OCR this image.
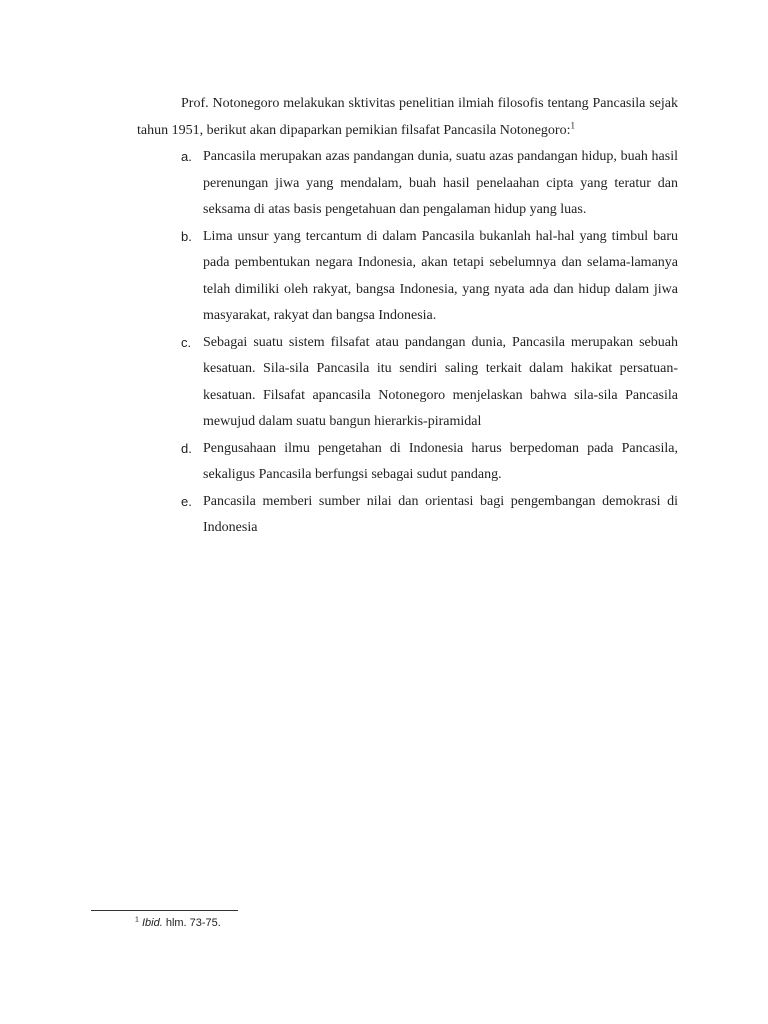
Prof. Notonegoro melakukan sktivitas penelitian ilmiah filosofis tentang Pancasila sejak tahun 1951, berikut akan dipaparkan pemikian filsafat Pancasila Notonegoro:$^1$

a. Pancasila merupakan azas pandangan dunia, suatu azas pandangan hidup, buah hasil perenungan jiwa yang mendalam, buah hasil penelaahan cipta yang teratur dan seksama di atas basis pengetahuan dan pengalaman hidup yang luas.
b. Lima unsur yang tercantum di dalam Pancasila bukanlah hal-hal yang timbul baru pada pembentukan negara Indonesia, akan tetapi sebelumnya dan selama-lamanya telah dimiliki oleh rakyat, bangsa Indonesia, yang nyata ada dan hidup dalam jiwa masyarakat, rakyat dan bangsa Indonesia.
c. Sebagai suatu sistem filsafat atau pandangan dunia, Pancasila merupakan sebuah kesatuan. Sila-sila Pancasila itu sendiri saling terkait dalam hakikat persatuan-kesatuan. Filsafat apancasila Notonegoro menjelaskan bahwa sila-sila Pancasila mewujud dalam suatu bangun hierarkis-piramidal
d. Pengusahaan ilmu pengetahan di Indonesia harus berpedoman pada Pancasila, sekaligus Pancasila berfungsi sebagai sudut pandang.
e. Pancasila memberi sumber nilai dan orientasi bagi pengembangan demokrasi di Indonesia
$^1$ Ibid. hlm. 73-75.
